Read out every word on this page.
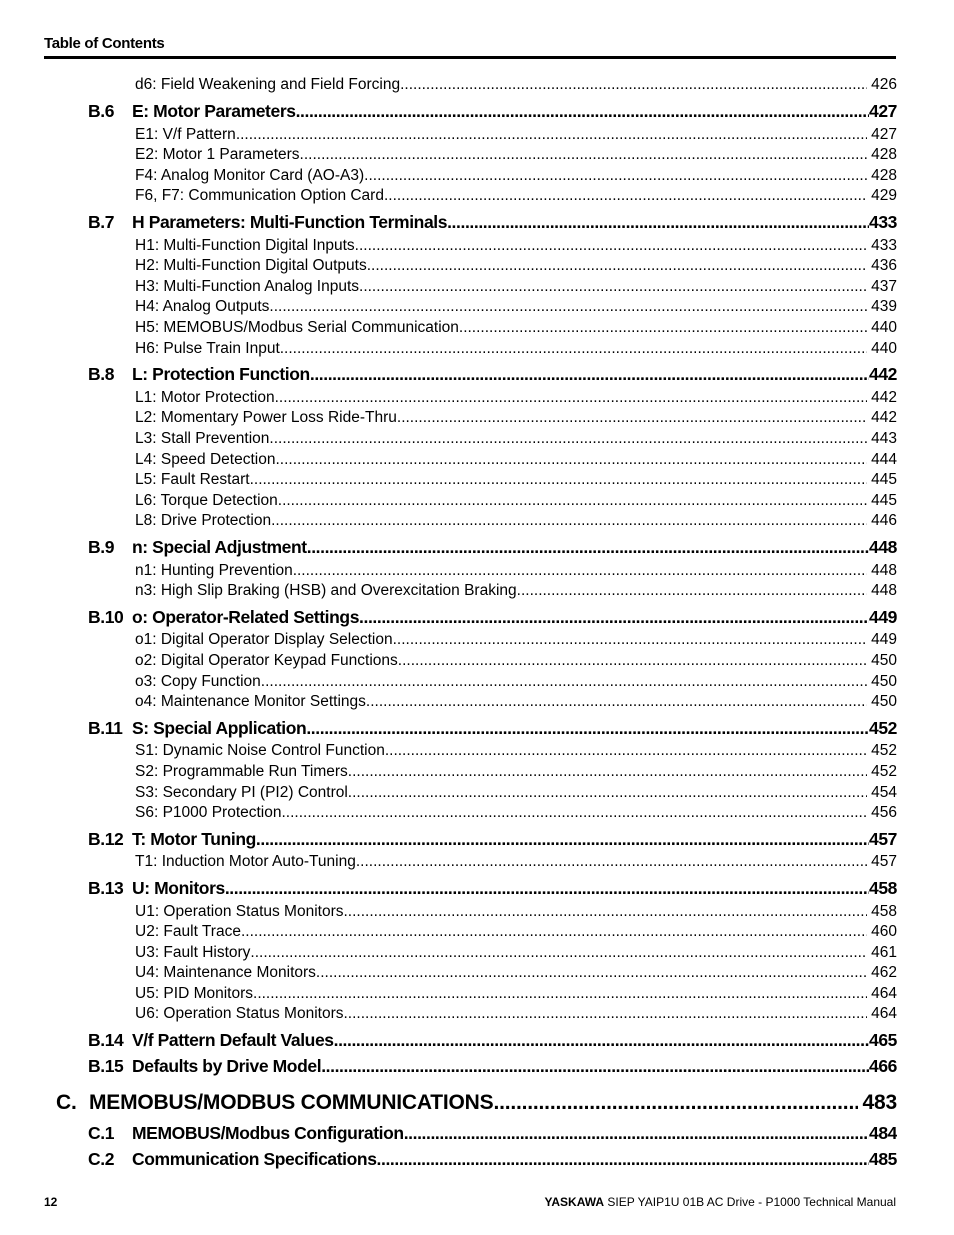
Table of Contents
d6: Field Weakening and Field Forcing .....	426
B.6 E: Motor Parameters .....	427
E1: V/f Pattern .....	427
E2: Motor 1 Parameters .....	428
F4: Analog Monitor Card (AO-A3) .....	428
F6, F7: Communication Option Card .....	429
B.7 H Parameters: Multi-Function Terminals .....	433
H1: Multi-Function Digital Inputs .....	433
H2: Multi-Function Digital Outputs .....	436
H3: Multi-Function Analog Inputs .....	437
H4: Analog Outputs .....	439
H5: MEMOBUS/Modbus Serial Communication .....	440
H6: Pulse Train Input .....	440
B.8 L: Protection Function .....	442
L1: Motor Protection .....	442
L2: Momentary Power Loss Ride-Thru .....	442
L3: Stall Prevention .....	443
L4: Speed Detection .....	444
L5: Fault Restart .....	445
L6: Torque Detection .....	445
L8: Drive Protection .....	446
B.9 n: Special Adjustment .....	448
n1: Hunting Prevention .....	448
n3: High Slip Braking (HSB) and Overexcitation Braking .....	448
B.10 o: Operator-Related Settings .....	449
o1: Digital Operator Display Selection .....	449
o2: Digital Operator Keypad Functions .....	450
o3: Copy Function .....	450
o4: Maintenance Monitor Settings .....	450
B.11 S: Special Application .....	452
S1: Dynamic Noise Control Function .....	452
S2: Programmable Run Timers .....	452
S3: Secondary PI (PI2) Control .....	454
S6: P1000 Protection .....	456
B.12 T: Motor Tuning .....	457
T1: Induction Motor Auto-Tuning .....	457
B.13 U: Monitors .....	458
U1: Operation Status Monitors .....	458
U2: Fault Trace .....	460
U3: Fault History .....	461
U4: Maintenance Monitors .....	462
U5: PID Monitors .....	464
U6: Operation Status Monitors .....	464
B.14 V/f Pattern Default Values .....	465
B.15 Defaults by Drive Model .....	466
C. MEMOBUS/MODBUS COMMUNICATIONS .....	483
C.1 MEMOBUS/Modbus Configuration .....	484
C.2 Communication Specifications .....	485
12	YASKAWA SIEP YAIP1U 01B AC Drive - P1000 Technical Manual
